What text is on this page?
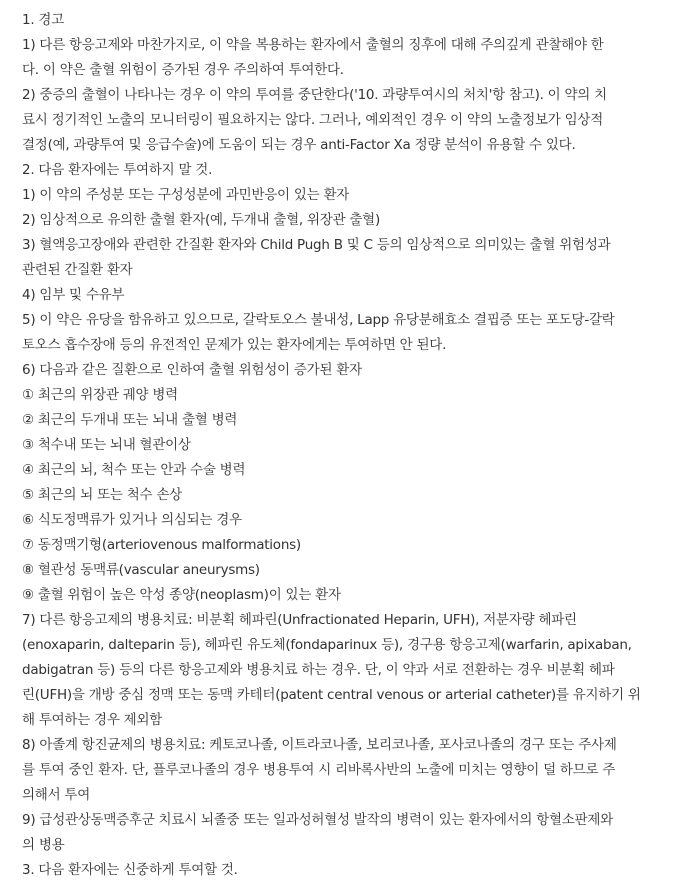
1. 경고
1) 다른 항응고제와 마찬가지로, 이 약을 복용하는 환자에서 출혈의 징후에 대해 주의깊게 관찰해야 한
다. 이 약은 출혈 위험이 증가된 경우 주의하여 투여한다.
2) 중증의 출혈이 나타나는 경우 이 약의 투여를 중단한다('10. 과량투여시의 처치'항 참고). 이 약의 치
료시 정기적인 노출의 모니터링이 필요하지는 않다. 그러나, 예외적인 경우 이 약의 노출정보가 임상적
결정(예, 과량투여 및 응급수술)에 도움이 되는 경우 anti-Factor Xa 정량 분석이 유용할 수 있다.
2. 다음 환자에는 투여하지 말 것.
1) 이 약의 주성분 또는 구성성분에 과민반응이 있는 환자
2) 임상적으로 유의한 출혈 환자(예, 두개내 출혈, 위장관 출혈)
3) 혈액응고장애와 관련한 간질환 환자와 Child Pugh B 및 C 등의 임상적으로 의미있는 출혈 위험성과
관련된 간질환 환자
4) 임부 및 수유부
5) 이 약은 유당을 함유하고 있으므로, 갈락토오스 불내성, Lapp 유당분해효소 결핍증 또는 포도당-갈락
토오스 흡수장애 등의 유전적인 문제가 있는 환자에게는 투여하면 안 된다.
6) 다음과 같은 질환으로 인하여 출혈 위험성이 증가된 환자
① 최근의 위장관 궤양 병력
② 최근의 두개내 또는 뇌내 출혈 병력
③ 척수내 또는 뇌내 혈관이상
④ 최근의 뇌, 척수 또는 안과 수술 병력
⑤ 최근의 뇌 또는 척수 손상
⑥ 식도정맥류가 있거나 의심되는 경우
⑦ 동정맥기형(arteriovenous malformations)
⑧ 혈관성 동맥류(vascular aneurysms)
⑨ 출혈 위험이 높은 악성 종양(neoplasm)이 있는 환자
7) 다른 항응고제의 병용치료: 비분획 헤파린(Unfractionated Heparin, UFH), 저분자량 헤파린
(enoxaparin, dalteparin 등), 헤파린 유도체(fondaparinux 등), 경구용 항응고제(warfarin, apixaban,
dabigatran 등) 등의 다른 항응고제와 병용치료 하는 경우. 단, 이 약과 서로 전환하는 경우 비분획 헤파
린(UFH)을 개방 중심 정맥 또는 동맥 카테터(patent central venous or arterial catheter)를 유지하기 위
해 투여하는 경우 제외함
8) 아졸계 항진균제의 병용치료: 케토코나졸, 이트라코나졸, 보리코나졸, 포사코나졸의 경구 또는 주사제
를 투여 중인 환자. 단, 플루코나졸의 경우 병용투여 시 리바록사반의 노출에 미치는 영향이 덜 하므로 주
의해서 투여
9) 급성관상동맥증후군 치료시 뇌졸중 또는 일과성허혈성 발작의 병력이 있는 환자에서의 항혈소판제와
의 병용
3. 다음 환자에는 신중하게 투여할 것.
